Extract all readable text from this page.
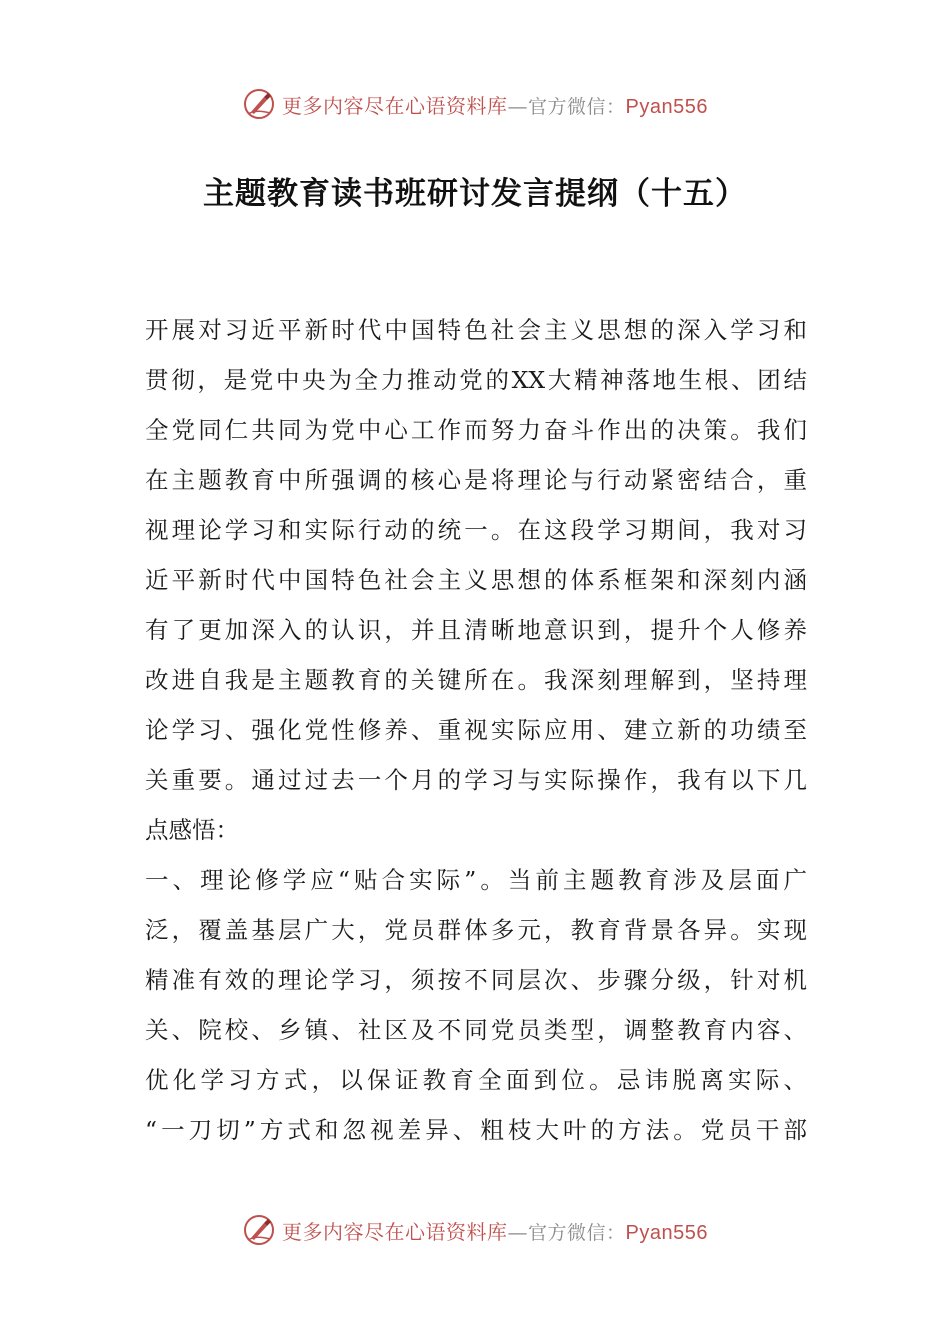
更多内容尽在心语资料库—官方微信：Pyan556
主题教育读书班研讨发言提纲（十五）
开展对习近平新时代中国特色社会主义思想的深入学习和
贯彻，是党中央为全力推动党的XX大精神落地生根、团结
全党同仁共同为党中心工作而努力奋斗作出的决策。我们
在主题教育中所强调的核心是将理论与行动紧密结合，重
视理论学习和实际行动的统一。在这段学习期间，我对习
近平新时代中国特色社会主义思想的体系框架和深刻内涵
有了更加深入的认识，并且清晰地意识到，提升个人修养
改进自我是主题教育的关键所在。我深刻理解到，坚持理
论学习、强化党性修养、重视实际应用、建立新的功绩至
关重要。通过过去一个月的学习与实际操作，我有以下几
点感悟：
一、理论修学应“贴合实际”。当前主题教育涉及层面广
泛，覆盖基层广大，党员群体多元，教育背景各异。实现
精准有效的理论学习，须按不同层次、步骤分级，针对机
关、院校、乡镇、社区及不同党员类型，调整教育内容、
优化学习方式，以保证教育全面到位。忌讳脱离实际、
“一刀切”方式和忽视差异、粗枝大叶的方法。党员干部
更多内容尽在心语资料库—官方微信：Pyan556
